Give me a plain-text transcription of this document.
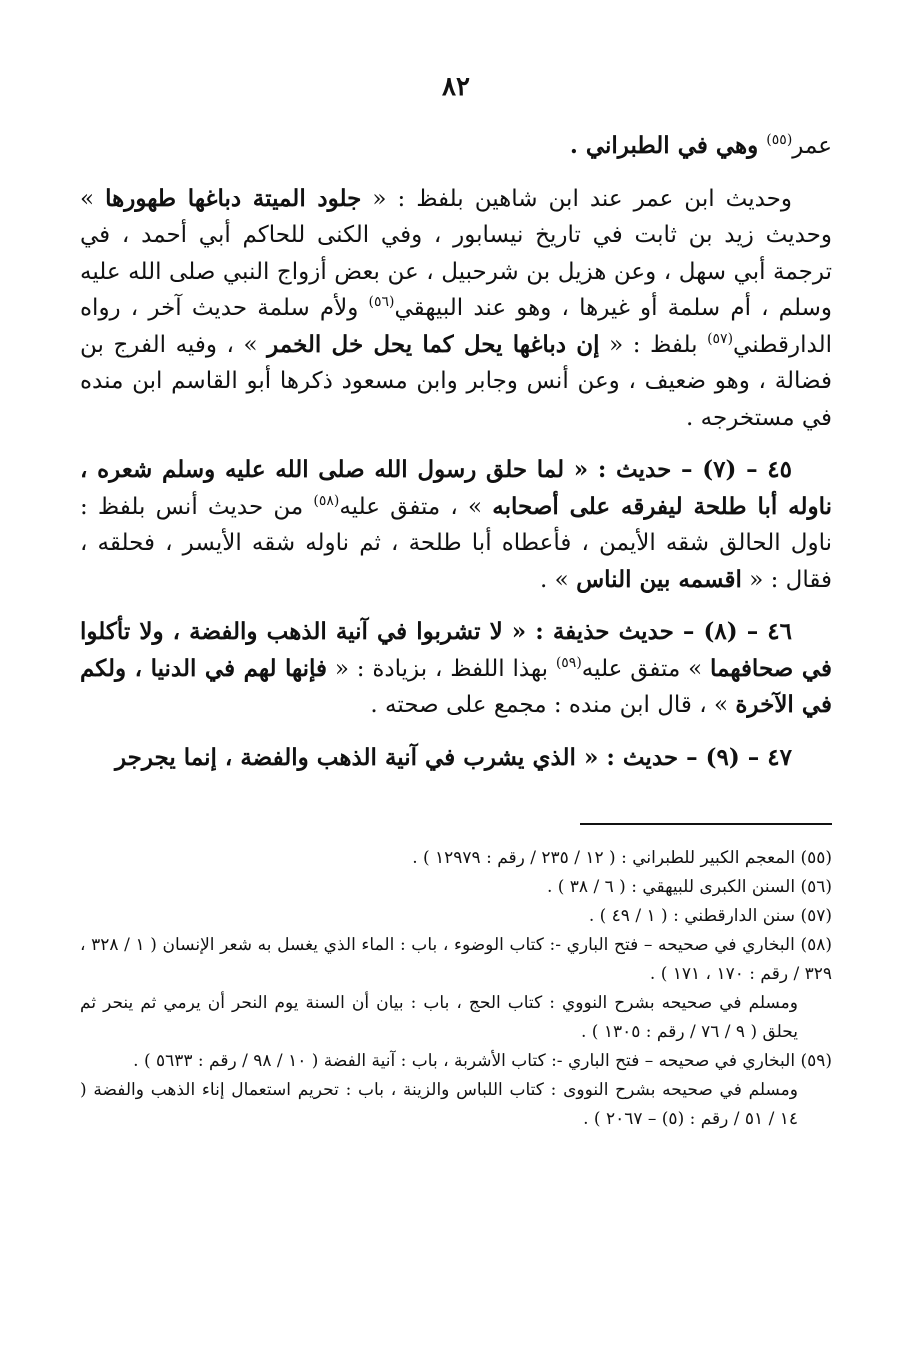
٨٢

عمر$^{(٥٥)}$ وهي في الطبراني .

وحديث ابن عمر عند ابن شاهين بلفظ : « جلود الميتة دباغها طهورها » وحديث زيد بن ثابت في تاريخ نيسابور ، وفي الكنى للحاكم أبي أحمد ، في ترجمة أبي سهل ، وعن هزيل بن شرحبيل ، عن بعض أزواج النبي صلى الله عليه وسلم ، أم سلمة أو غيرها ، وهو عند البيهقي$^{(٥٦)}$ ولأم سلمة حديث آخر ، رواه الدارقطني$^{(٥٧)}$ بلفظ : « إن دباغها يحل كما يحل خل الخمر » ، وفيه الفرج بن فضالة ، وهو ضعيف ، وعن أنس وجابر وابن مسعود ذكرها أبو القاسم ابن منده في مستخرجه .

٤٥ – (٧) – حديث : « لما حلق رسول الله صلى الله عليه وسلم شعره ، ناوله أبا طلحة ليفرقه على أصحابه » ، متفق عليه$^{(٥٨)}$ من حديث أنس بلفظ : ناول الحالق شقه الأيمن ، فأعطاه أبا طلحة ، ثم ناوله شقه الأيسر ، فحلقه ، فقال : « اقسمه بين الناس » .

٤٦ – (٨) – حديث حذيفة : « لا تشربوا في آنية الذهب والفضة ، ولا تأكلوا في صحافهما » متفق عليه$^{(٥٩)}$ بهذا اللفظ ، بزيادة : « فإنها لهم في الدنيا ، ولكم في الآخرة » ، قال ابن منده : مجمع على صحته .

٤٧ – (٩) – حديث : « الذي يشرب في آنية الذهب والفضة ، إنما يجرجر

(٥٥) المعجم الكبير للطبراني : ( ١٢ / ٢٣٥ / رقم : ١٢٩٧٩ ) .

(٥٦) السنن الكبرى للبيهقي : ( ٦ / ٣٨ ) .

(٥٧) سنن الدارقطني : ( ١ / ٤٩ ) .

(٥٨) البخاري في صحيحه – فتح الباري -: كتاب الوضوء ، باب : الماء الذي يغسل به شعر الإنسان ( ١ / ٣٢٨ ، ٣٢٩ / رقم : ١٧٠ ، ١٧١ ) .

ومسلم في صحيحه بشرح النووي : كتاب الحج ، باب : بيان أن السنة يوم النحر أن يرمي ثم ينحر ثم يحلق ( ٩ / ٧٦ / رقم : ١٣٠٥ ) .

(٥٩) البخاري في صحيحه – فتح الباري -: كتاب الأشربة ، باب : آنية الفضة ( ١٠ / ٩٨ / رقم : ٥٦٣٣ ) .

ومسلم في صحيحه بشرح النووى : كتاب اللباس والزينة ، باب : تحريم استعمال إناء الذهب والفضة ( ١٤ / ٥١ / رقم : (٥) – ٢٠٦٧ ) .
